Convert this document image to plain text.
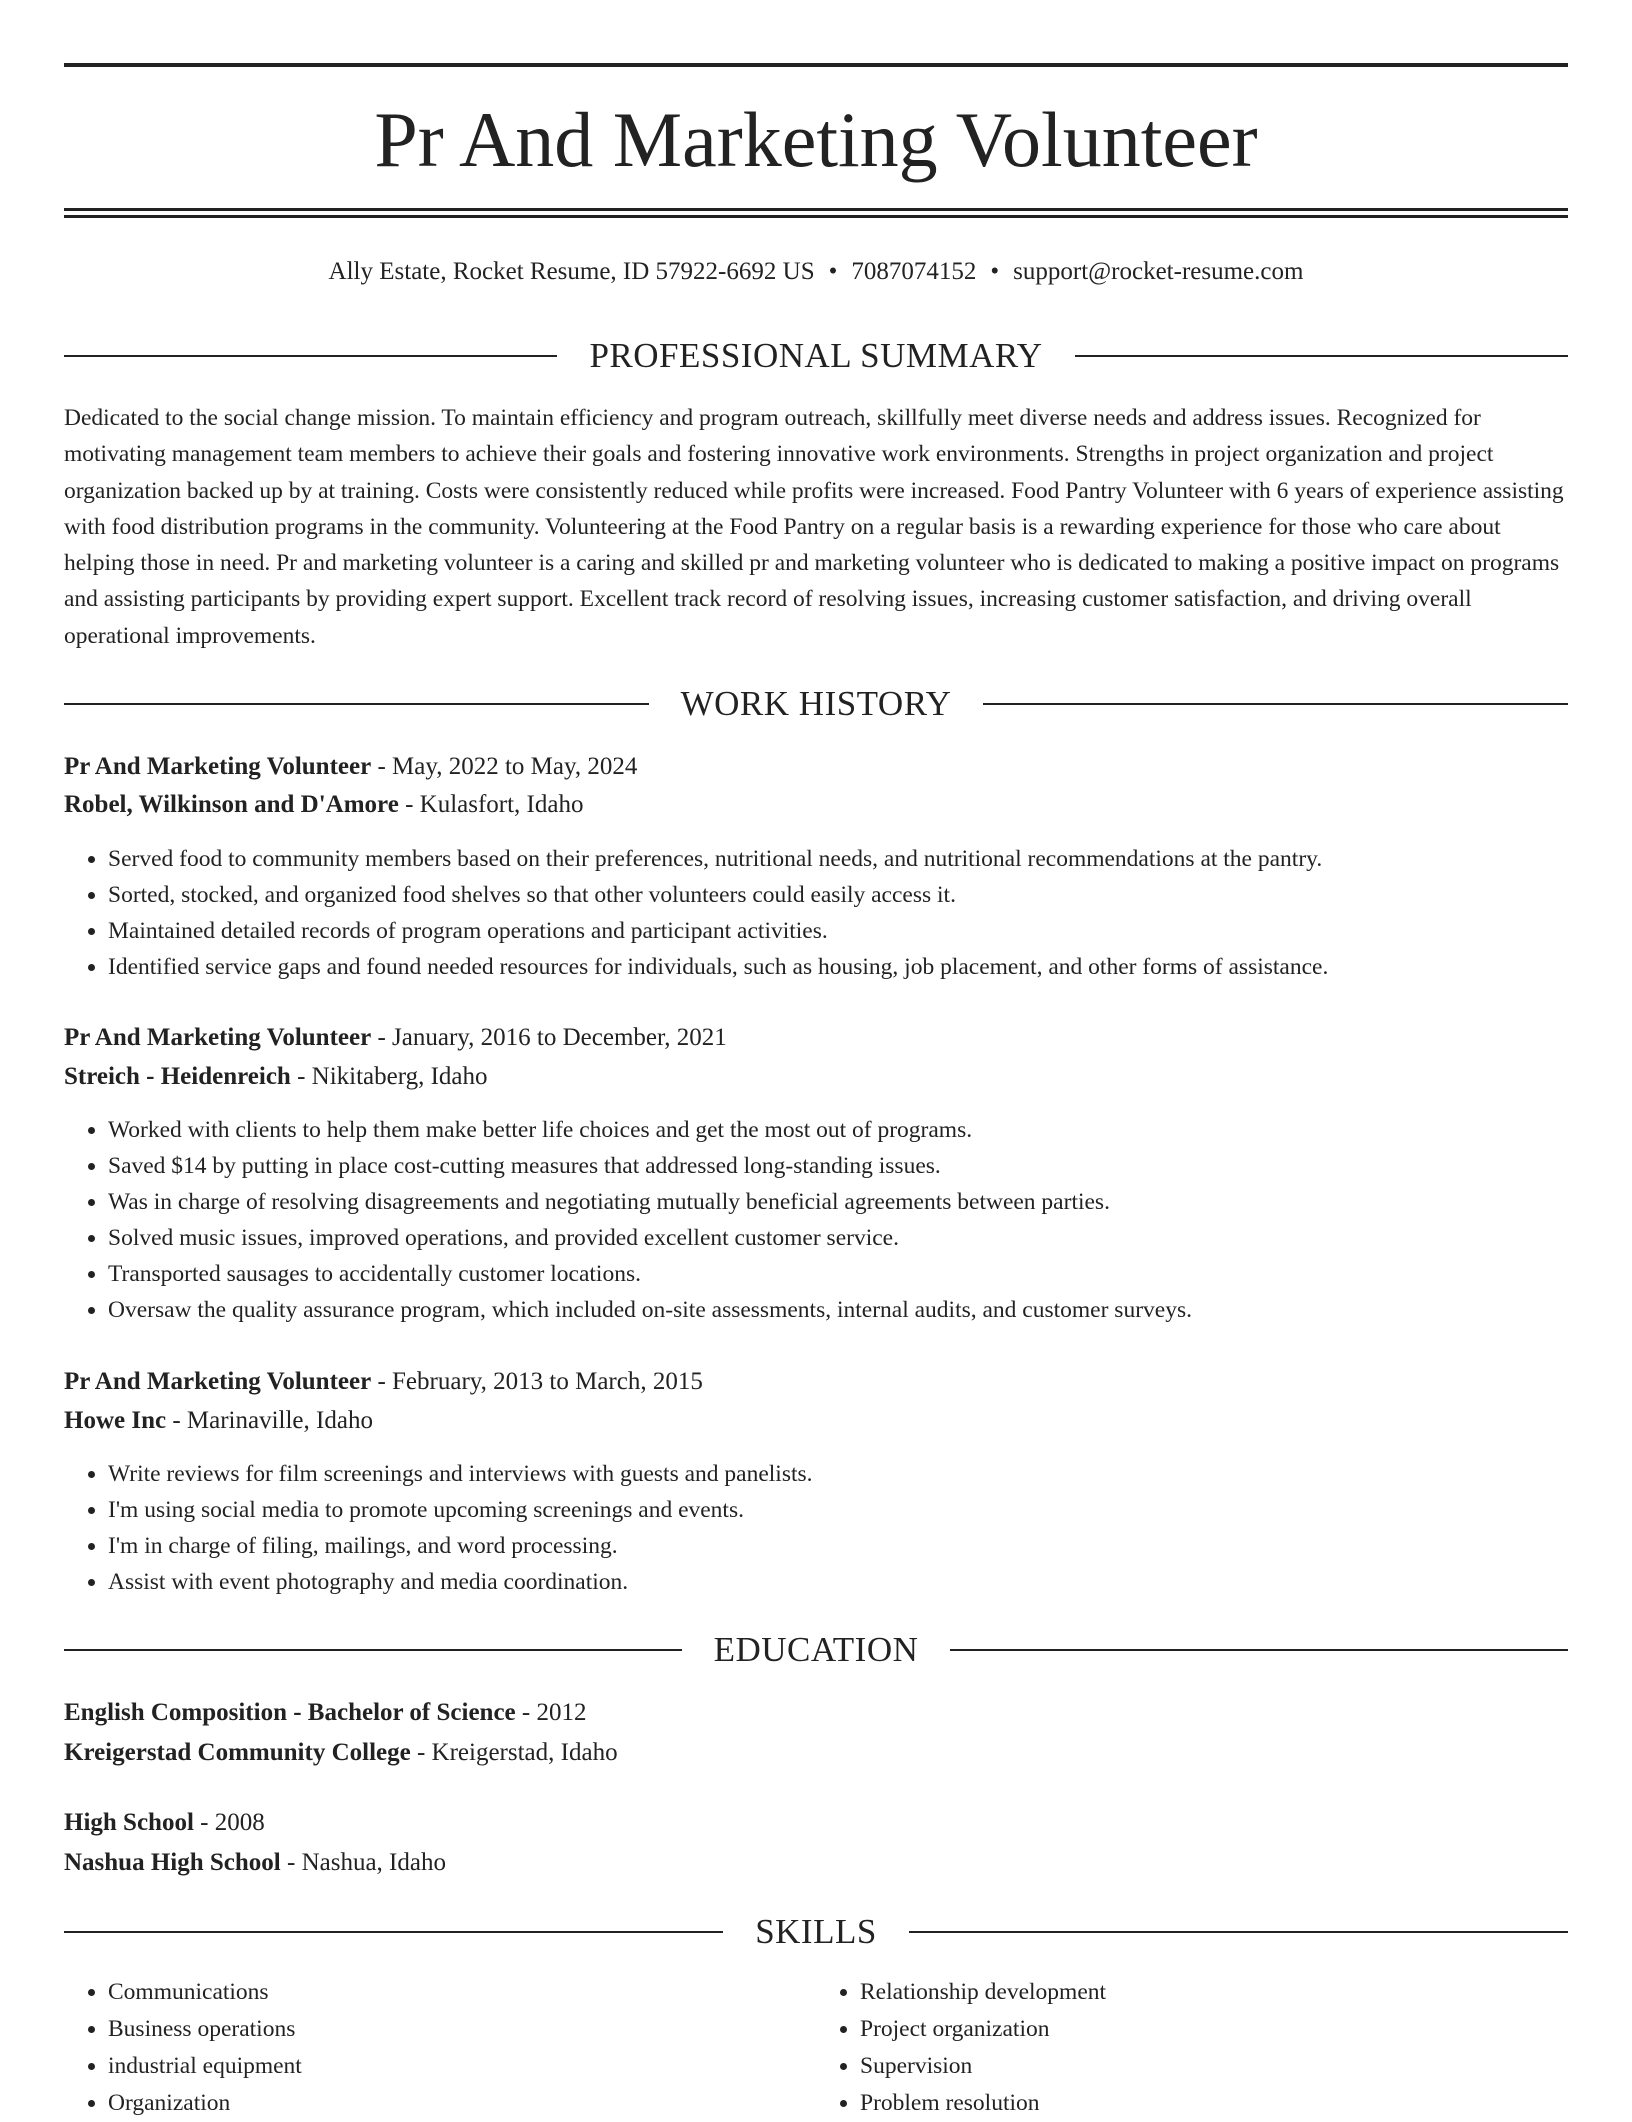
Pr And Marketing Volunteer
Ally Estate, Rocket Resume, ID 57922-6692 US • 7087074152 • support@rocket-resume.com
PROFESSIONAL SUMMARY

Dedicated to the social change mission. To maintain efficiency and program outreach, skillfully meet diverse needs and address issues. Recognized for motivating management team members to achieve their goals and fostering innovative work environments. Strengths in project organization and project organization backed up by at training. Costs were consistently reduced while profits were increased. Food Pantry Volunteer with 6 years of experience assisting with food distribution programs in the community. Volunteering at the Food Pantry on a regular basis is a rewarding experience for those who care about helping those in need. Pr and marketing volunteer is a caring and skilled pr and marketing volunteer who is dedicated to making a positive impact on programs and assisting participants by providing expert support. Excellent track record of resolving issues, increasing customer satisfaction, and driving overall operational improvements.

WORK HISTORY
Pr And Marketing Volunteer - May, 2022 to May, 2024
Robel, Wilkinson and D'Amore - Kulasfort, Idaho
• Served food to community members based on their preferences, nutritional needs, and nutritional recommendations at the pantry.
• Sorted, stocked, and organized food shelves so that other volunteers could easily access it.
• Maintained detailed records of program operations and participant activities.
• Identified service gaps and found needed resources for individuals, such as housing, job placement, and other forms of assistance.
Pr And Marketing Volunteer - January, 2016 to December, 2021
Streich - Heidenreich - Nikitaberg, Idaho
• Worked with clients to help them make better life choices and get the most out of programs.
• Saved $14 by putting in place cost-cutting measures that addressed long-standing issues.
• Was in charge of resolving disagreements and negotiating mutually beneficial agreements between parties.
• Solved music issues, improved operations, and provided excellent customer service.
• Transported sausages to accidentally customer locations.
• Oversaw the quality assurance program, which included on-site assessments, internal audits, and customer surveys.
Pr And Marketing Volunteer - February, 2013 to March, 2015
Howe Inc - Marinaville, Idaho
• Write reviews for film screenings and interviews with guests and panelists.
• I'm using social media to promote upcoming screenings and events.
• I'm in charge of filing, mailings, and word processing.
• Assist with event photography and media coordination.
EDUCATION
English Composition - Bachelor of Science - 2012
Kreigerstad Community College - Kreigerstad, Idaho
High School - 2008
Nashua High School - Nashua, Idaho
SKILLS
• Communications
• Business operations
• industrial equipment
• Organization
• Relationship development
• Project organization
• Supervision
• Problem resolution
